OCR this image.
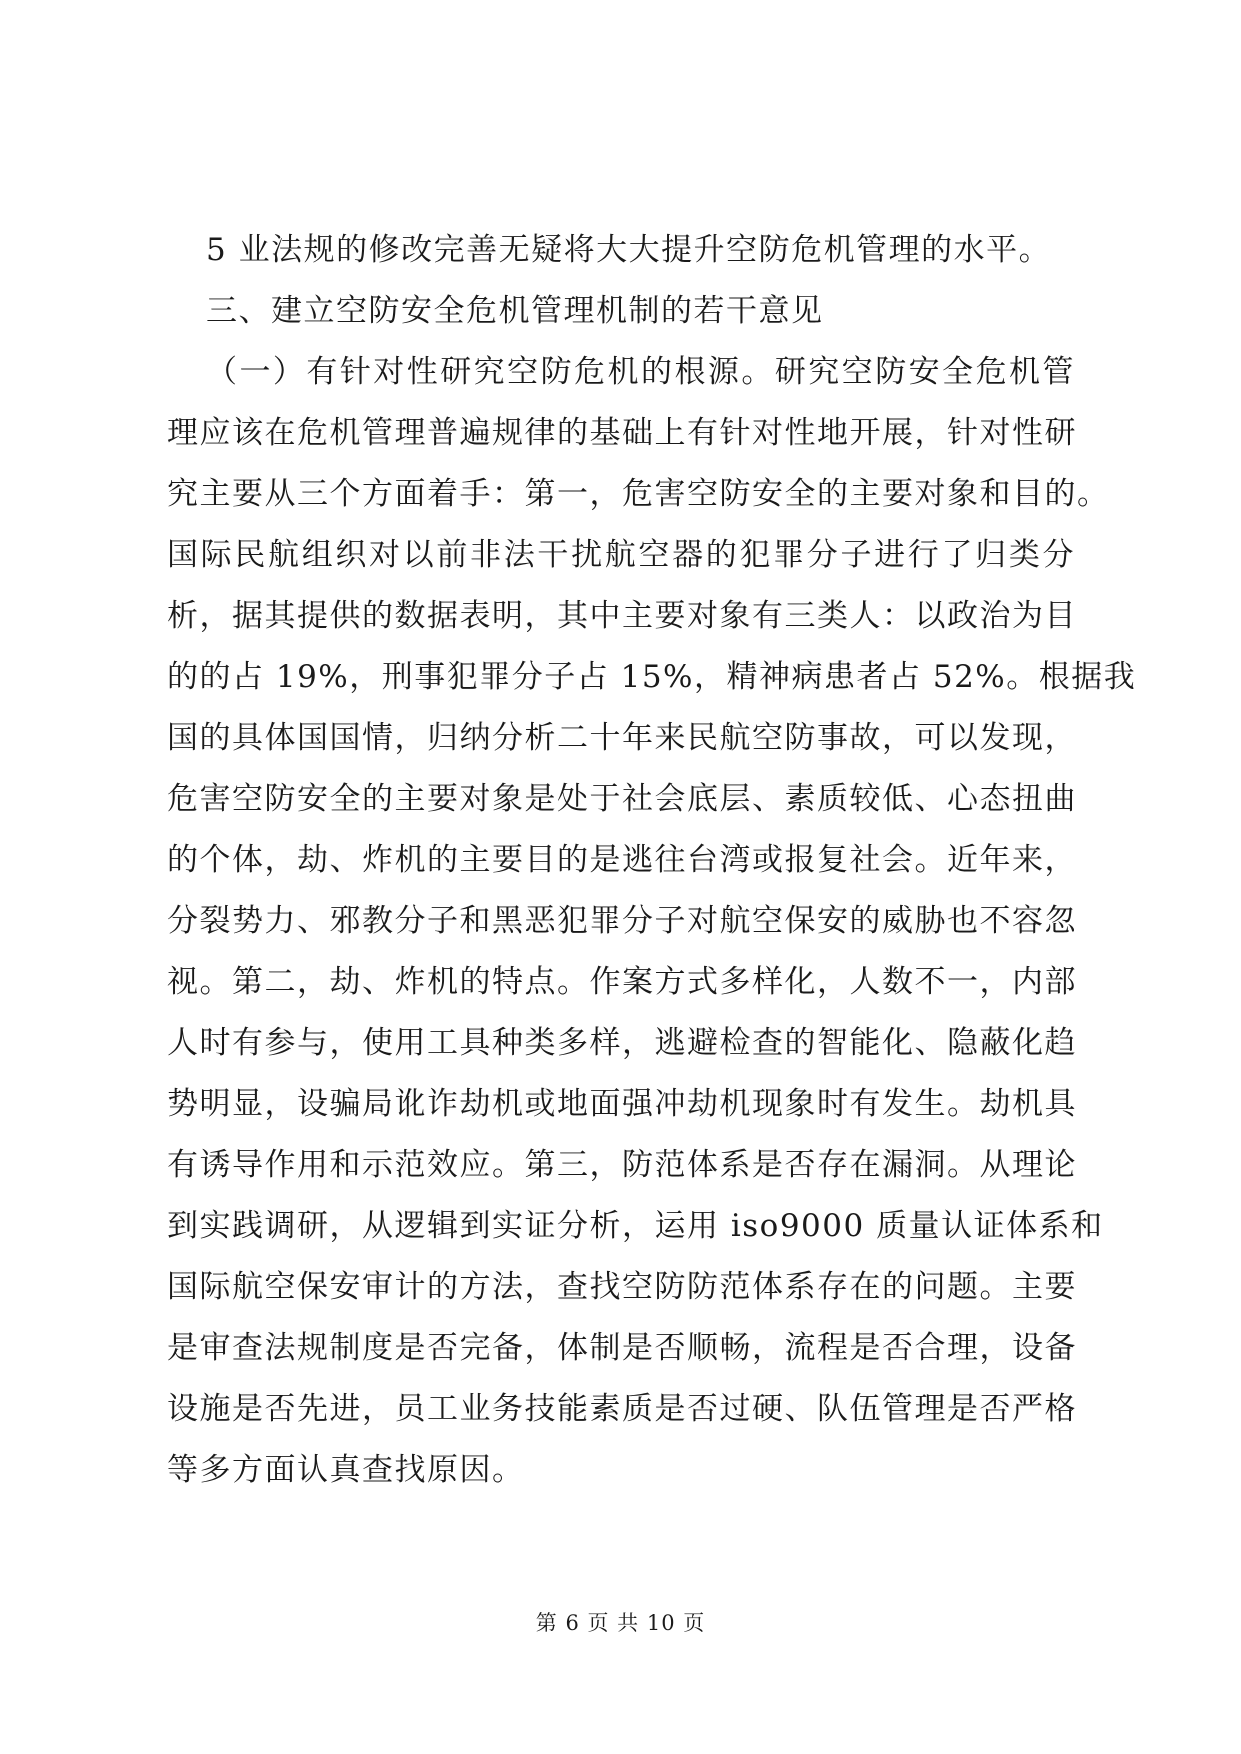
5 业法规的修改完善无疑将大大提升空防危机管理的水平。
三、建立空防安全危机管理机制的若干意见
（一）有针对性研究空防危机的根源。研究空防安全危机管
理应该在危机管理普遍规律的基础上有针对性地开展，针对性研
究主要从三个方面着手：第一，危害空防安全的主要对象和目的。
国际民航组织对以前非法干扰航空器的犯罪分子进行了归类分
析，据其提供的数据表明，其中主要对象有三类人：以政治为目
的的占 19%，刑事犯罪分子占 15%，精神病患者占 52%。根据我
国的具体国国情，归纳分析二十年来民航空防事故，可以发现，
危害空防安全的主要对象是处于社会底层、素质较低、心态扭曲
的个体，劫、炸机的主要目的是逃往台湾或报复社会。近年来，
分裂势力、邪教分子和黑恶犯罪分子对航空保安的威胁也不容忽
视。第二，劫、炸机的特点。作案方式多样化，人数不一，内部
人时有参与，使用工具种类多样，逃避检查的智能化、隐蔽化趋
势明显，设骗局讹诈劫机或地面强冲劫机现象时有发生。劫机具
有诱导作用和示范效应。第三，防范体系是否存在漏洞。从理论
到实践调研，从逻辑到实证分析，运用 iso9000 质量认证体系和
国际航空保安审计的方法，查找空防防范体系存在的问题。主要
是审查法规制度是否完备，体制是否顺畅，流程是否合理，设备
设施是否先进，员工业务技能素质是否过硬、队伍管理是否严格
等多方面认真查找原因。
第 6 页 共 10 页
